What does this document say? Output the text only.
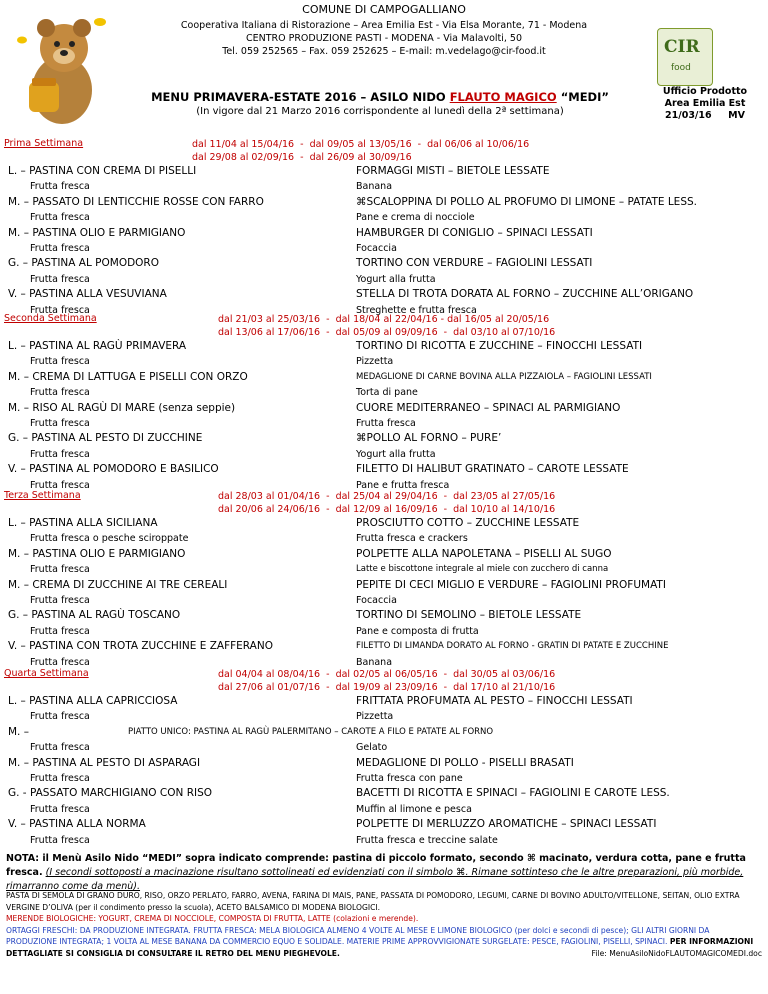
COMUNE DI CAMPOGALLIANO
Cooperativa Italiana di Ristorazione – Area Emilia Est - Via Elsa Morante, 71 - Modena
CENTRO PRODUZIONE PASTI - MODENA - Via Malavolti, 50
Tel. 059 252565 – Fax. 059 252625 – E-mail: m.vedelago@cir-food.it	CIR
food
MENU PRIMAVERA-ESTATE 2016 – ASILO NIDO FLAUTO MAGICO “MEDI”
(In vigore dal 21 Marzo 2016 corrispondente al lunedì della 2ª settimana)
Ufficio Prodotto
Area Emilia Est
21/03/16     MV
Prima Settimana	dal 11/04 al 15/04/16  -  dal 09/05 al 13/05/16  -  dal 06/06 al 10/06/16
dal 29/08 al 02/09/16  -  dal 26/09 al 30/09/16
L. – PASTINA CON CREMA DI PISELLI	FORMAGGI MISTI – BIETOLE LESSATE
Frutta fresca	Banana
M. – PASSATO DI LENTICCHIE ROSSE CON FARRO	⌘SCALOPPINA DI POLLO AL PROFUMO DI LIMONE – PATATE LESS.
Frutta fresca	Pane e crema di nocciole
M. – PASTINA OLIO E PARMIGIANO	HAMBURGER DI CONIGLIO – SPINACI LESSATI
Frutta fresca	Focaccia
G. – PASTINA AL POMODORO	TORTINO CON VERDURE – FAGIOLINI LESSATI
Frutta fresca	Yogurt alla frutta
V. – PASTINA ALLA VESUVIANA	STELLA DI TROTA DORATA AL FORNO – ZUCCHINE ALL’ORIGANO
Frutta fresca	Streghette e frutta fresca
Seconda Settimana	dal 21/03 al 25/03/16  -  dal 18/04 al 22/04/16 - dal 16/05 al 20/05/16
dal 13/06 al 17/06/16  -  dal 05/09 al 09/09/16  -  dal 03/10 al 07/10/16
L. – PASTINA AL RAGÙ PRIMAVERA	TORTINO DI RICOTTA E ZUCCHINE – FINOCCHI LESSATI
Frutta fresca	Pizzetta
M. – CREMA DI LATTUGA E PISELLI CON ORZO	MEDAGLIONE DI CARNE BOVINA ALLA PIZZAIOLA – FAGIOLINI LESSATI
Frutta fresca	Torta di pane
M. – RISO AL RAGÙ DI MARE (senza seppie)	CUORE MEDITERRANEO – SPINACI AL PARMIGIANO
Frutta fresca	Frutta fresca
G. – PASTINA AL PESTO DI ZUCCHINE	⌘POLLO AL FORNO – PURE’
Frutta fresca	Yogurt alla frutta
V. – PASTINA AL POMODORO E BASILICO	FILETTO DI HALIBUT GRATINATO – CAROTE LESSATE
Frutta fresca	Pane e frutta fresca
Terza Settimana	dal 28/03 al 01/04/16  -  dal 25/04 al 29/04/16  -  dal 23/05 al 27/05/16
dal 20/06 al 24/06/16  -  dal 12/09 al 16/09/16  -  dal 10/10 al 14/10/16
L. – PASTINA ALLA SICILIANA	PROSCIUTTO COTTO – ZUCCHINE LESSATE
Frutta fresca o pesche sciroppate	Frutta fresca e crackers
M. – PASTINA OLIO E PARMIGIANO	POLPETTE ALLA NAPOLETANA – PISELLI AL SUGO
Frutta fresca	Latte e biscottone integrale al miele con zucchero di canna
M. – CREMA DI ZUCCHINE AI TRE CEREALI	PEPITE DI CECI MIGLIO E VERDURE – FAGIOLINI PROFUMATI
Frutta fresca	Focaccia
G. – PASTINA AL RAGÙ TOSCANO	TORTINO DI SEMOLINO – BIETOLE LESSATE
Frutta fresca	Pane e composta di frutta
V. – PASTINA CON TROTA ZUCCHINE E ZAFFERANO	FILETTO DI LIMANDA DORATO AL FORNO - GRATIN DI PATATE E ZUCCHINE
Frutta fresca	Banana
Quarta Settimana	dal 04/04 al 08/04/16  -  dal 02/05 al 06/05/16  -  dal 30/05 al 03/06/16
dal 27/06 al 01/07/16  -  dal 19/09 al 23/09/16  -  dal 17/10 al 21/10/16
L. – PASTINA ALLA CAPRICCIOSA	FRITTATA PROFUMATA AL PESTO – FINOCCHI LESSATI
Frutta fresca	Pizzetta
M. –	PIATTO UNICO: PASTINA AL RAGÙ PALERMITANO – CAROTE A FILO E PATATE AL FORNO
Frutta fresca	Gelato
M. – PASTINA AL PESTO DI ASPARAGI	MEDAGLIONE DI POLLO - PISELLI BRASATI
Frutta fresca	Frutta fresca con pane
G. - PASSATO MARCHIGIANO CON RISO	BACETTI DI RICOTTA E SPINACI – FAGIOLINI E CAROTE LESS.
Frutta fresca	Muffin al limone e pesca
V. – PASTINA ALLA NORMA	POLPETTE DI MERLUZZO AROMATICHE – SPINACI LESSATI
Frutta fresca	Frutta fresca e treccine salate
NOTA: il Menù Asilo Nido “MEDI” sopra indicato comprende: pastina di piccolo formato, secondo ⌘ macinato, verdura cotta, pane e frutta fresca. (I secondi sottoposti a macinazione risultano sottolineati ed evidenziati con il simbolo ⌘. Rimane sottinteso che le altre preparazioni, più morbide, rimarranno come da menù).
PASTA DI SEMOLA DI GRANO DURO, RISO, ORZO PERLATO, FARRO, AVENA, FARINA DI MAIS, PANE, PASSATA DI POMODORO, LEGUMI, CARNE DI BOVINO ADULTO/VITELLONE, SEITAN, OLIO EXTRA VERGINE D’OLIVA (per il condimento presso la scuola), ACETO BALSAMICO DI MODENA BIOLOGICI.
MERENDE BIOLOGICHE: YOGURT, CREMA DI NOCCIOLE, COMPOSTA DI FRUTTA, LATTE (colazioni e merende).
ORTAGGI FRESCHI: DA PRODUZIONE INTEGRATA. FRUTTA FRESCA: MELA BIOLOGICA ALMENO 4 VOLTE AL MESE E LIMONE BIOLOGICO (per dolci e secondi di pesce); GLI ALTRI GIORNI DA PRODUZIONE INTEGRATA; 1 VOLTA AL MESE BANANA DA COMMERCIO EQUO E SOLIDALE. MATERIE PRIME APPROVVIGIONATE SURGELATE: PESCE, FAGIOLINI, PISELLI, SPINACI. PER INFORMAZIONI DETTAGLIATE SI CONSIGLIA DI CONSULTARE IL RETRO DEL MENU PIEGHEVOLE.	File: MenuAsiloNidoFLAUTOMAGICOMEDI.doc
